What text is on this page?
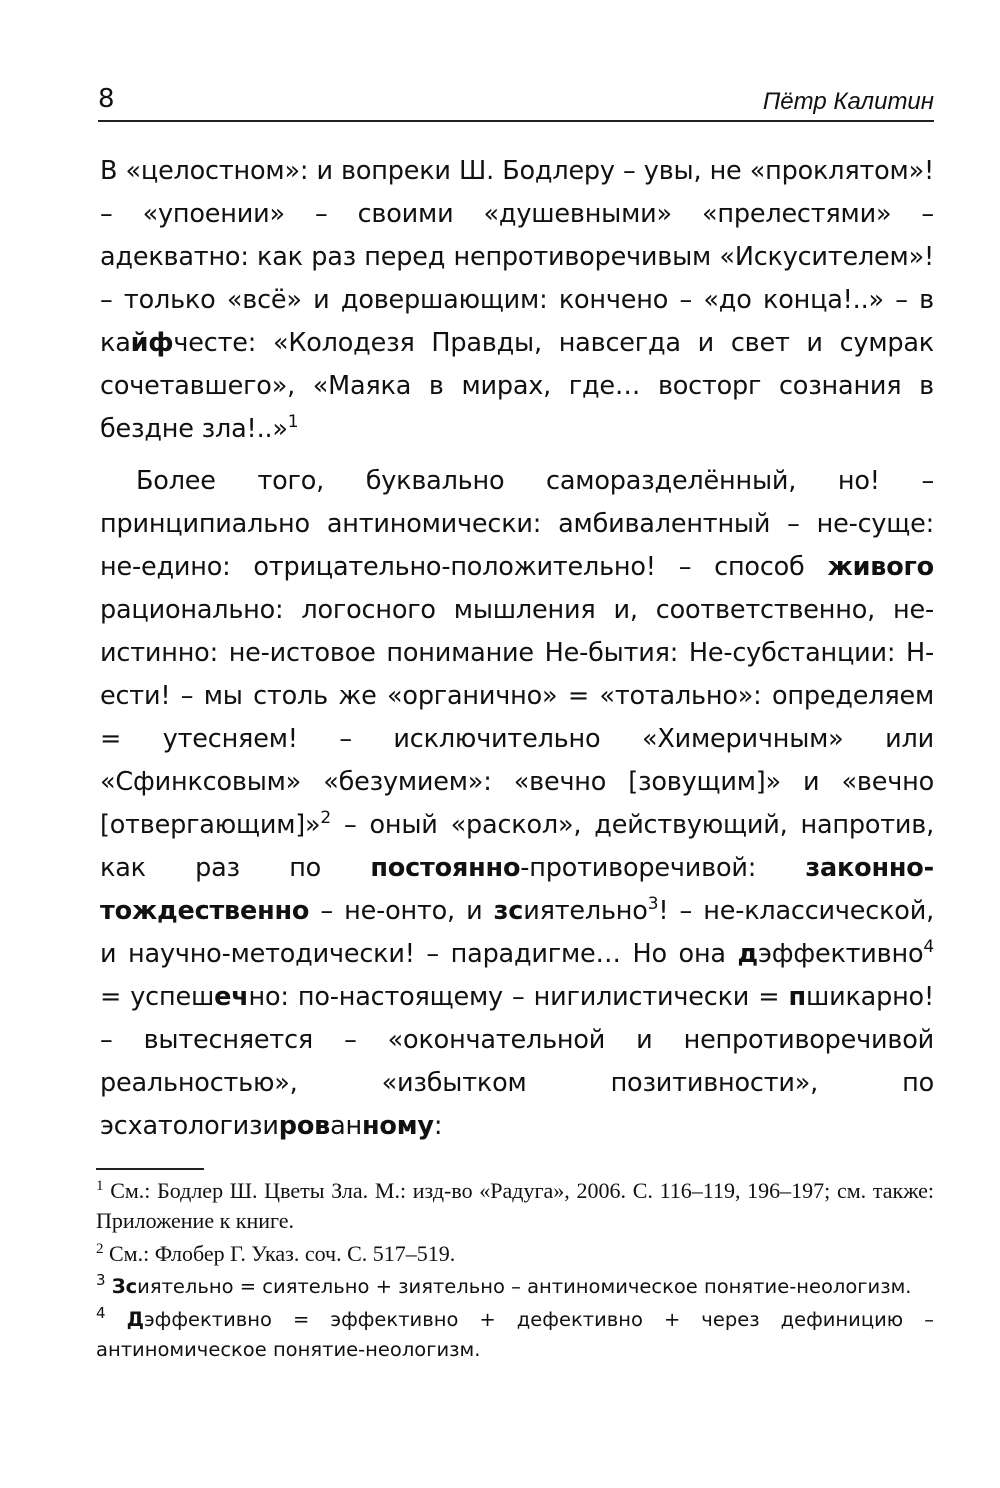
8	Пётр Калитин

В «целостном»: и вопреки Ш. Бодлеру – увы, не «проклятом»! – «упоении» – своими «душевными» «прелестями» – адекватно: как раз перед непротиворечивым «Искусителем»! – только «всё» и довершающим: кончено – «до конца!..» – в кайфчесте: «Колодезя Правды, навсегда и свет и сумрак сочетавшего», «Маяка в мирах, где… восторг сознания в бездне зла!..»$^1$

Более того, буквально саморазделённый, но! – принципиально антиномически: амбивалентный – не-суще: не-едино: отрицательно-положительно! – способ живого рационально: логосного мышления и, соответственно, не-истинно: не-истовое понимание Не-бытия: Не-субстанции: Н-ести! – мы столь же «органично» = «тотально»: определяем = утесняем! – исключительно «Химеричным» или «Сфинксовым» «безумием»: «вечно [зовущим]» и «вечно [отвергающим]»$^2$ – оный «раскол», действующий, напротив, как раз по постоянно-противоречивой: законно-тождественно – не-онто, и зсиятельно$^3$! – не-классической, и научно-методически! – парадигме… Но она дэффективно$^4$ = успешечно: по-настоящему – нигилистически = пшикарно! – вытесняется – «окончательной и непротиворечивой реальностью», «избытком позитивности», по эсхатологизированному:

$^1$ См.: Бодлер Ш. Цветы Зла. М.: изд-во «Радуга», 2006. С. 116–119, 196–197; см. также: Приложение к книге.

$^2$ См.: Флобер Г. Указ. соч. С. 517–519.

$^3$ Зсиятельно = сиятельно + зиятельно – антиномическое понятие-неологизм.

$^4$ Дэффективно = эффективно + дефективно + через дефиницию – антиномическое понятие-неологизм.
